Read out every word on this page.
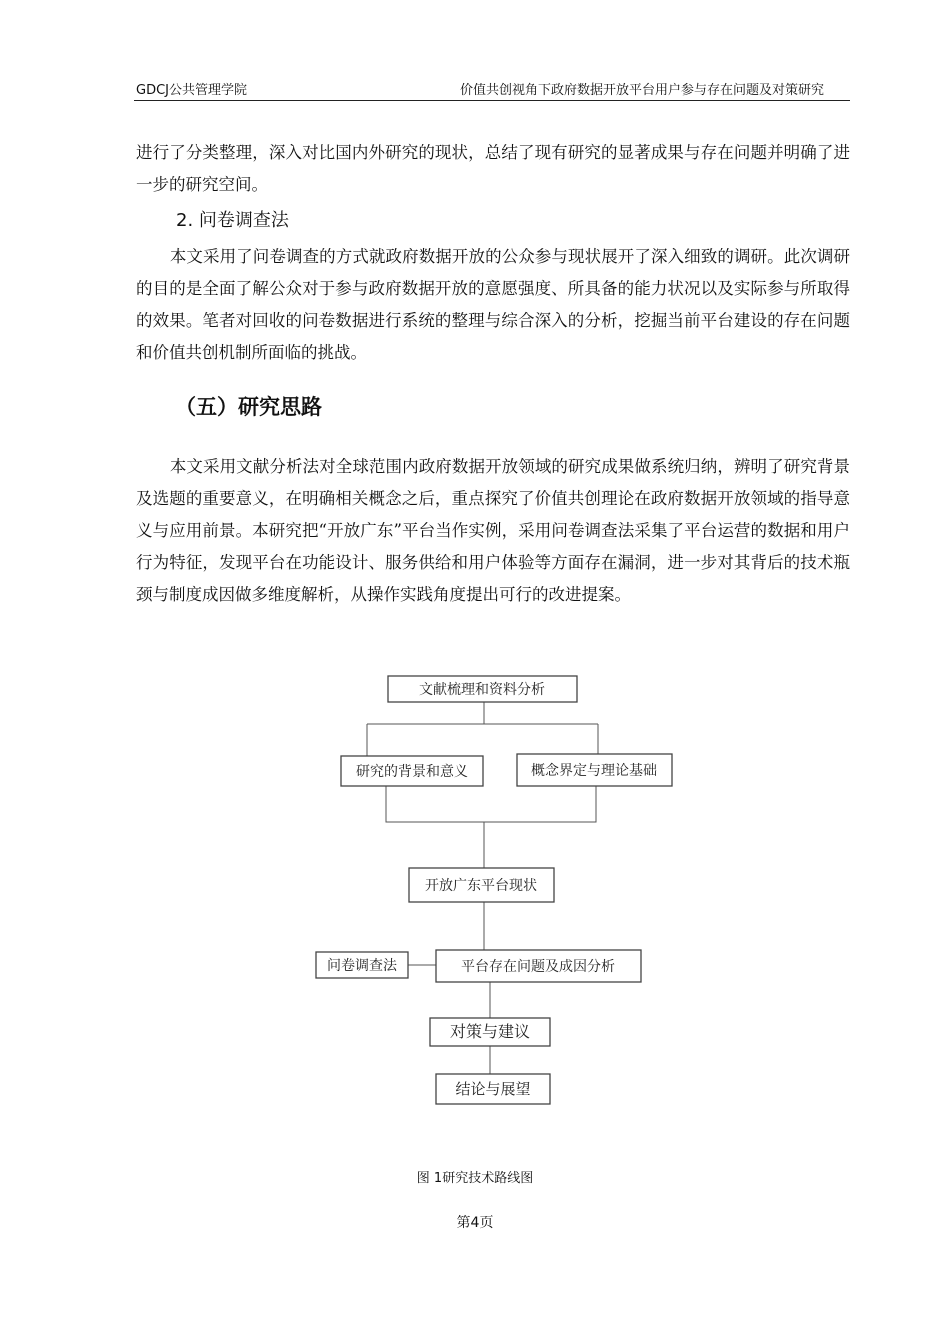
GDCJ公共管理学院	价值共创视角下政府数据开放平台用户参与存在问题及对策研究

进行了分类整理，深入对比国内外研究的现状，总结了现有研究的显著成果与存在问题并明确了进一步的研究空间。

2. 问卷调查法

本文采用了问卷调查的方式就政府数据开放的公众参与现状展开了深入细致的调研。此次调研的目的是全面了解公众对于参与政府数据开放的意愿强度、所具备的能力状况以及实际参与所取得的效果。笔者对回收的问卷数据进行系统的整理与综合深入的分析，挖掘当前平台建设的存在问题和价值共创机制所面临的挑战。

（五）研究思路

本文采用文献分析法对全球范围内政府数据开放领域的研究成果做系统归纳，辨明了研究背景及选题的重要意义，在明确相关概念之后，重点探究了价值共创理论在政府数据开放领域的指导意义与应用前景。本研究把“开放广东”平台当作实例，采用问卷调查法采集了平台运营的数据和用户行为特征，发现平台在功能设计、服务供给和用户体验等方面存在漏洞，进一步对其背后的技术瓶颈与制度成因做多维度解析，从操作实践角度提出可行的改进提案。

文献梳理和资料分析
研究的背景和意义	概念界定与理论基础
开放广东平台现状
问卷调查法	平台存在问题及成因分析
对策与建议
结论与展望
图 1研究技术路线图
第4页
